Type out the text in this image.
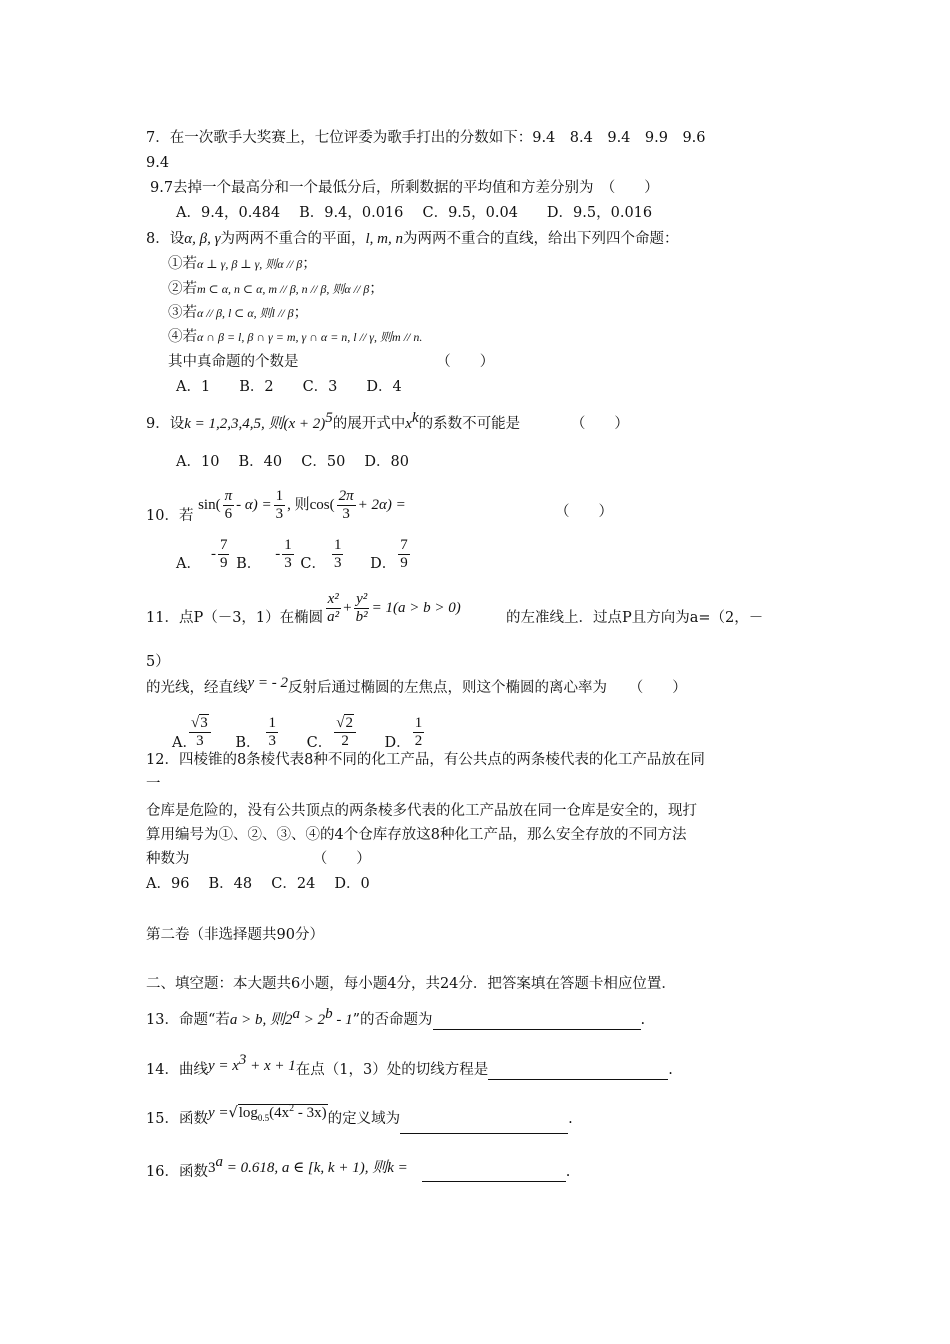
7．在一次歌手大奖赛上，七位评委为歌手打出的分数如下：9.4　8.4　9.4　9.9　9.6
9.4
9.7去掉一个最高分和一个最低分后，所剩数据的平均值和方差分别为　（　　）
A．9.4，0.484　 B．9.4，0.016　 C．9.5，0.04　　D．9.5，0.016
8．设α, β, γ为两两不重合的平面，l, m, n为两两不重合的直线，给出下列四个命题：
①若α ⊥ γ, β ⊥ γ, 则α // β；
②若m ⊂ α, n ⊂ α, m // β, n // β, 则α // β；
③若α // β, l ⊂ α, 则l // β；
④若α ∩ β = l, β ∩ γ = m, γ ∩ α = n, l // γ, 则m // n.
其中真命题的个数是　　　　　　　　　　（　　）
A．1　　B．2　　C．3　　D．4
9．设k = 1,2,3,4,5, 则$(x + 2)^5$的展开式中$x^k$的系数不可能是　　　　（　　）
A．10　 B．40　 C．50　 D．80
10．若 $\sin( \frac{\pi}{6} - \alpha) = \frac{1}{3}$ , 则$\cos( \frac{2\pi}{3} + 2\alpha)$ =	（　　）
A．- $\frac{7}{9}$ B．- $\frac{1}{3}$ C． $\frac{1}{3}$ D． $\frac{7}{9}$
11．点P（－3，1）在椭圆 $\frac{\text{x²}}{\text{a²}} + \frac{\text{y²}}{\text{b²}} = 1(a > b > 0)$
的左准线上．过点P且方向为a=（2，－
5）
的光线，经直线y = - 2反射后通过椭圆的左焦点，则这个椭圆的离心率为　　（　　）
A．
$\frac{√3}{3}$ B． $\frac{1}{3}$ C． $\frac{√2}{2}$ D． $\frac{1}{2}$
12．四棱锥的8条棱代表8种不同的化工产品，有公共点的两条棱代表的化工产品放在同
一
仓库是危险的，没有公共顶点的两条棱多代表的化工产品放在同一仓库是安全的，现打
算用编号为①、②、③、④的4个仓库存放这8种化工产品，那么安全存放的不同方法
种数为　　　　　　　　　（　　）
A．96　 B．48　 C．24　 D．0
第二卷（非选择题共90分）
二、填空题：本大题共6小题，每小题4分，共24分．把答案填在答题卡相应位置．
13．命题“若a > b, 则$2^a > 2^b - 1$”的否命题为	.
14．曲线$y = x^3 + x + 1$在点（1，3）处的切线方程是	.
15．函数$y =√\log_{0.5}(4x^2 - 3x)$的定义域为	.
16．函数$3^a = 0.618$, a ∈ [k, k + 1), 则k =	.
